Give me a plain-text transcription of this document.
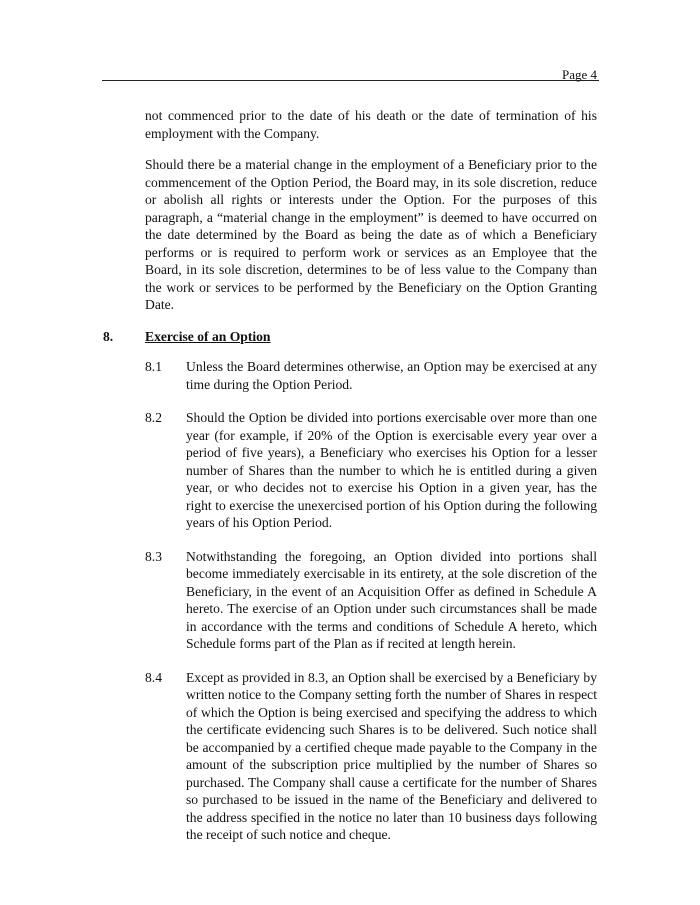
Page 4

not commenced prior to the date of his death or the date of termination of his employment with the Company.

Should there be a material change in the employment of a Beneficiary prior to the commencement of the Option Period, the Board may, in its sole discretion, reduce or abolish all rights or interests under the Option. For the purposes of this paragraph, a “material change in the employment” is deemed to have occurred on the date determined by the Board as being the date as of which a Beneficiary performs or is required to perform work or services as an Employee that the Board, in its sole discretion, determines to be of less value to the Company than the work or services to be performed by the Beneficiary on the Option Granting Date.

8. Exercise of an Option
8.1 Unless the Board determines otherwise, an Option may be exercised at any time during the Option Period.
8.2 Should the Option be divided into portions exercisable over more than one year (for example, if 20% of the Option is exercisable every year over a period of five years), a Beneficiary who exercises his Option for a lesser number of Shares than the number to which he is entitled during a given year, or who decides not to exercise his Option in a given year, has the right to exercise the unexercised portion of his Option during the following years of his Option Period.
8.3 Notwithstanding the foregoing, an Option divided into portions shall become immediately exercisable in its entirety, at the sole discretion of the Beneficiary, in the event of an Acquisition Offer as defined in Schedule A hereto. The exercise of an Option under such circumstances shall be made in accordance with the terms and conditions of Schedule A hereto, which Schedule forms part of the Plan as if recited at length herein.
8.4 Except as provided in 8.3, an Option shall be exercised by a Beneficiary by written notice to the Company setting forth the number of Shares in respect of which the Option is being exercised and specifying the address to which the certificate evidencing such Shares is to be delivered. Such notice shall be accompanied by a certified cheque made payable to the Company in the amount of the subscription price multiplied by the number of Shares so purchased. The Company shall cause a certificate for the number of Shares so purchased to be issued in the name of the Beneficiary and delivered to the address specified in the notice no later than 10 business days following the receipt of such notice and cheque.
